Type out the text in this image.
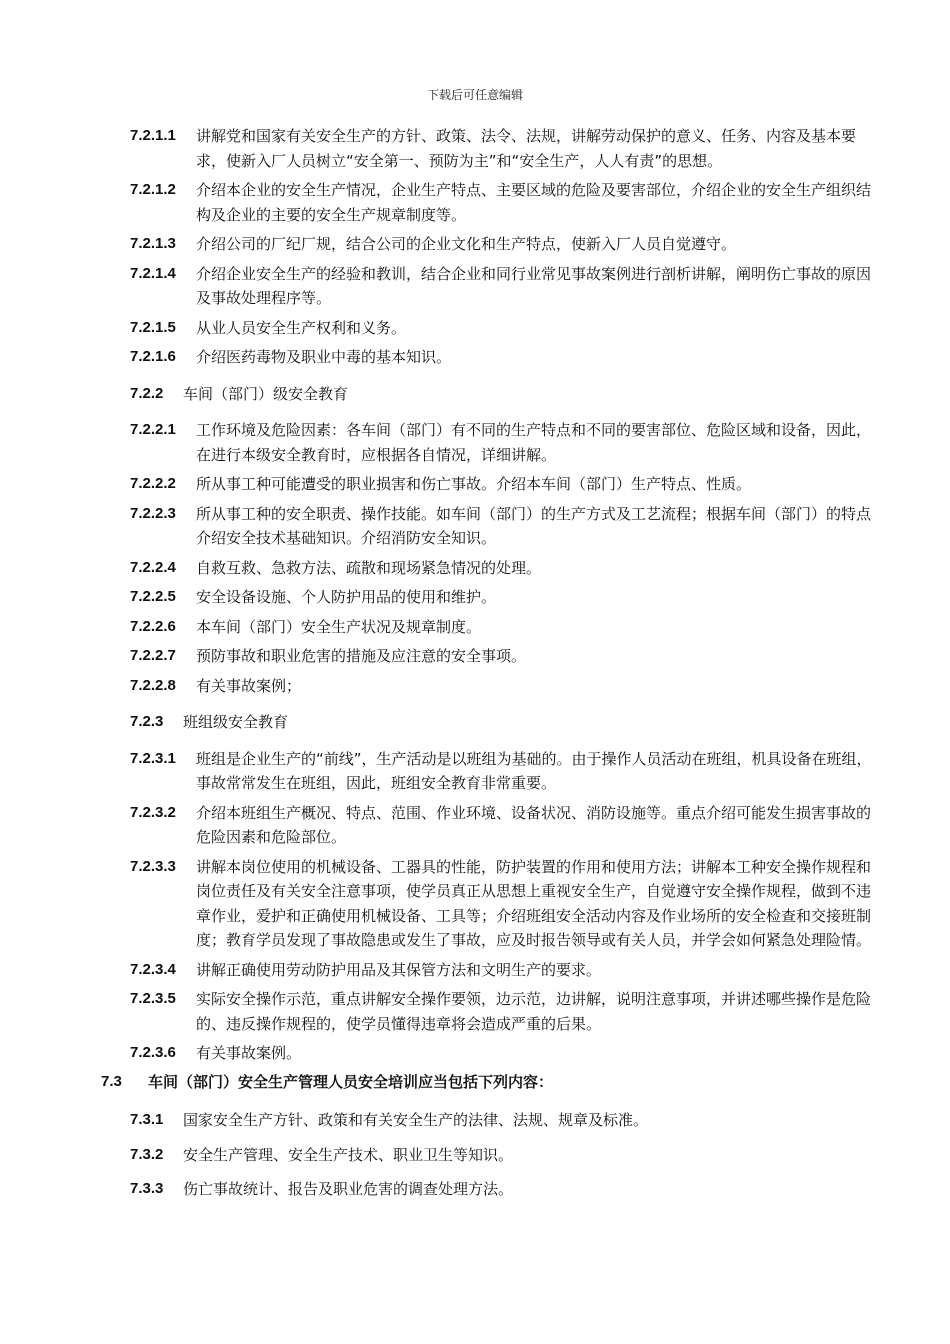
下载后可任意编辑
7.2.1.1 讲解党和国家有关安全生产的方针、政策、法令、法规，讲解劳动保护的意义、任务、内容及基本要求，使新入厂人员树立“安全第一、预防为主”和“安全生产，人人有责”的思想。
7.2.1.2 介绍本企业的安全生产情况，企业生产特点、主要区域的危险及要害部位，介绍企业的安全生产组织结构及企业的主要的安全生产规章制度等。
7.2.1.3 介绍公司的厂纪厂规，结合公司的企业文化和生产特点，使新入厂人员自觉遵守。
7.2.1.4 介绍企业安全生产的经验和教训，结合企业和同行业常见事故案例进行剖析讲解，阐明伤亡事故的原因及事故处理程序等。
7.2.1.5 从业人员安全生产权利和义务。
7.2.1.6 介绍医药毒物及职业中毒的基本知识。
7.2.2 车间（部门）级安全教育
7.2.2.1 工作环境及危险因素：各车间（部门）有不同的生产特点和不同的要害部位、危险区域和设备，因此，在进行本级安全教育时，应根据各自情况，详细讲解。
7.2.2.2 所从事工种可能遭受的职业损害和伤亡事故。介绍本车间（部门）生产特点、性质。
7.2.2.3 所从事工种的安全职责、操作技能。如车间（部门）的生产方式及工艺流程；根据车间（部门）的特点介绍安全技术基础知识。介绍消防安全知识。
7.2.2.4 自救互救、急救方法、疏散和现场紧急情况的处理。
7.2.2.5 安全设备设施、个人防护用品的使用和维护。
7.2.2.6 本车间（部门）安全生产状况及规章制度。
7.2.2.7 预防事故和职业危害的措施及应注意的安全事项。
7.2.2.8 有关事故案例；
7.2.3 班组级安全教育
7.2.3.1 班组是企业生产的“前线”，生产活动是以班组为基础的。由于操作人员活动在班组，机具设备在班组，事故常常发生在班组，因此，班组安全教育非常重要。
7.2.3.2 介绍本班组生产概况、特点、范围、作业环境、设备状况、消防设施等。重点介绍可能发生损害事故的危险因素和危险部位。
7.2.3.3 讲解本岗位使用的机械设备、工器具的性能，防护装置的作用和使用方法；讲解本工种安全操作规程和岗位责任及有关安全注意事项，使学员真正从思想上重视安全生产，自觉遵守安全操作规程，做到不违章作业，爱护和正确使用机械设备、工具等；介绍班组安全活动内容及作业场所的安全检查和交接班制度；教育学员发现了事故隐患或发生了事故，应及时报告领导或有关人员，并学会如何紧急处理险情。
7.2.3.4 讲解正确使用劳动防护用品及其保管方法和文明生产的要求。
7.2.3.5 实际安全操作示范，重点讲解安全操作要领，边示范，边讲解，说明注意事项，并讲述哪些操作是危险的、违反操作规程的，使学员懂得违章将会造成严重的后果。
7.2.3.6 有关事故案例。
7.3 车间（部门）安全生产管理人员安全培训应当包括下列内容：
7.3.1 国家安全生产方针、政策和有关安全生产的法律、法规、规章及标准。
7.3.2 安全生产管理、安全生产技术、职业卫生等知识。
7.3.3 伤亡事故统计、报告及职业危害的调查处理方法。
